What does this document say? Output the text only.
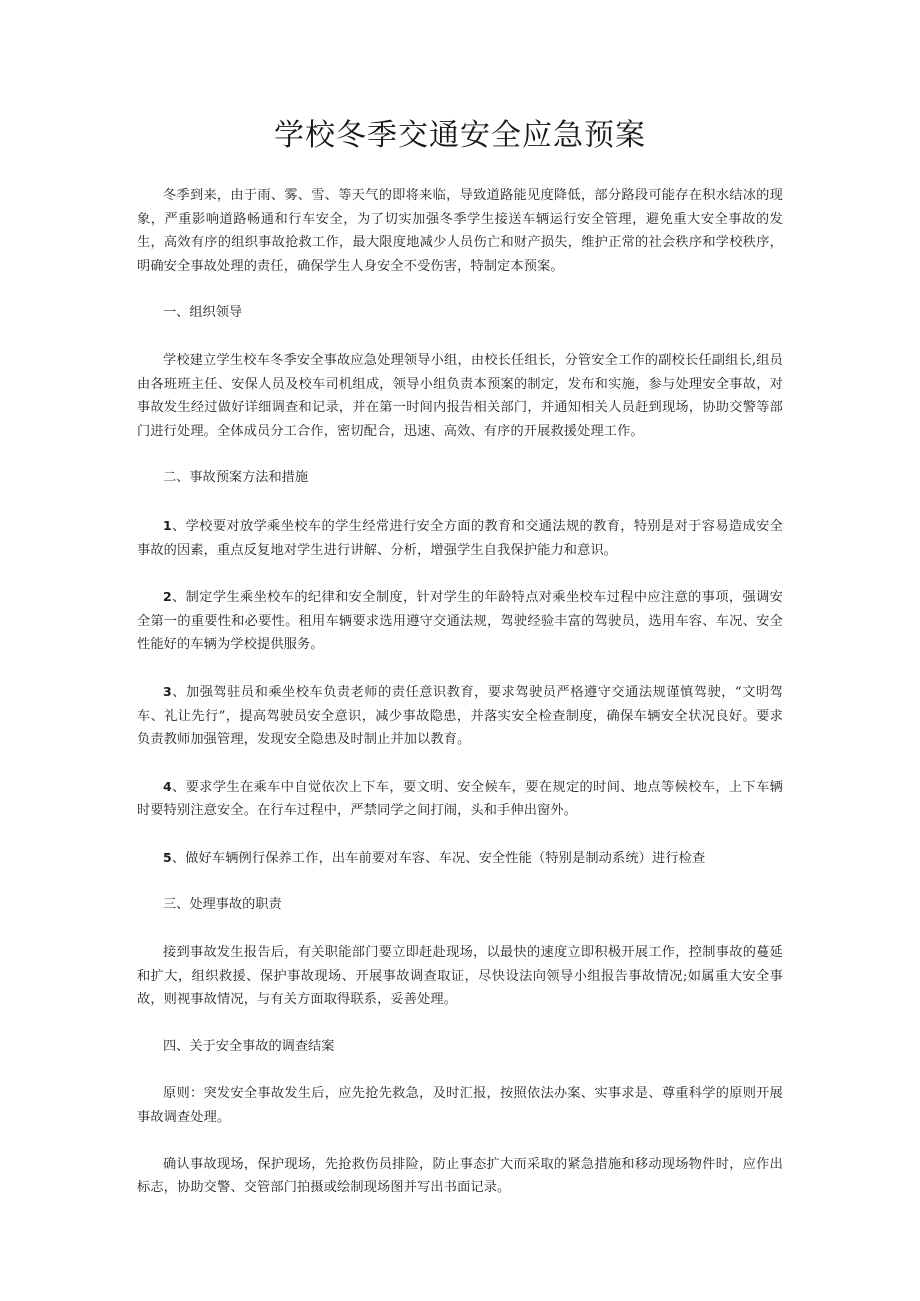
学校冬季交通安全应急预案

冬季到来，由于雨、雾、雪、等天气的即将来临，导致道路能见度降低，部分路段可能存在积水结冰的现象，严重影响道路畅通和行车安全，为了切实加强冬季学生接送车辆运行安全管理，避免重大安全事故的发生，高效有序的组织事故抢救工作，最大限度地减少人员伤亡和财产损失，维护正常的社会秩序和学校秩序，明确安全事故处理的责任，确保学生人身安全不受伤害，特制定本预案。

一、组织领导

学校建立学生校车冬季安全事故应急处理领导小组，由校长任组长，分管安全工作的副校长任副组长,组员由各班班主任、安保人员及校车司机组成，领导小组负责本预案的制定，发布和实施，参与处理安全事故，对事故发生经过做好详细调查和记录，并在第一时间内报告相关部门，并通知相关人员赶到现场，协助交警等部门进行处理。全体成员分工合作，密切配合，迅速、高效、有序的开展救援处理工作。

二、事故预案方法和措施

1、学校要对放学乘坐校车的学生经常进行安全方面的教育和交通法规的教育，特别是对于容易造成安全事故的因素，重点反复地对学生进行讲解、分析，增强学生自我保护能力和意识。

2、制定学生乘坐校车的纪律和安全制度，针对学生的年龄特点对乘坐校车过程中应注意的事项，强调安全第一的重要性和必要性。租用车辆要求选用遵守交通法规，驾驶经验丰富的驾驶员，选用车容、车况、安全性能好的车辆为学校提供服务。

3、加强驾驻员和乘坐校车负责老师的责任意识教育，要求驾驶员严格遵守交通法规谨慎驾驶，“文明驾车、礼让先行”，提高驾驶员安全意识，减少事故隐患，并落实安全检查制度，确保车辆安全状况良好。要求负责教师加强管理，发现安全隐患及时制止并加以教育。

4、要求学生在乘车中自觉依次上下车，要文明、安全候车，要在规定的时间、地点等候校车，上下车辆时要特别注意安全。在行车过程中，严禁同学之间打闹，头和手伸出窗外。

5、做好车辆例行保养工作，出车前要对车容、车况、安全性能（特别是制动系统）进行检查

三、处理事故的职责

接到事故发生报告后，有关职能部门要立即赶赴现场，以最快的速度立即积极开展工作，控制事故的蔓延和扩大，组织救援、保护事故现场、开展事故调查取证，尽快设法向领导小组报告事故情况;如属重大安全事故，则视事故情况，与有关方面取得联系，妥善处理。

四、关于安全事故的调查结案

原则：突发安全事故发生后，应先抢先救急，及时汇报，按照依法办案、实事求是、尊重科学的原则开展事故调查处理。

确认事故现场，保护现场，先抢救伤员排险，防止事态扩大而采取的紧急措施和移动现场物件时，应作出标志，协助交警、交管部门拍摄或绘制现场图并写出书面记录。
